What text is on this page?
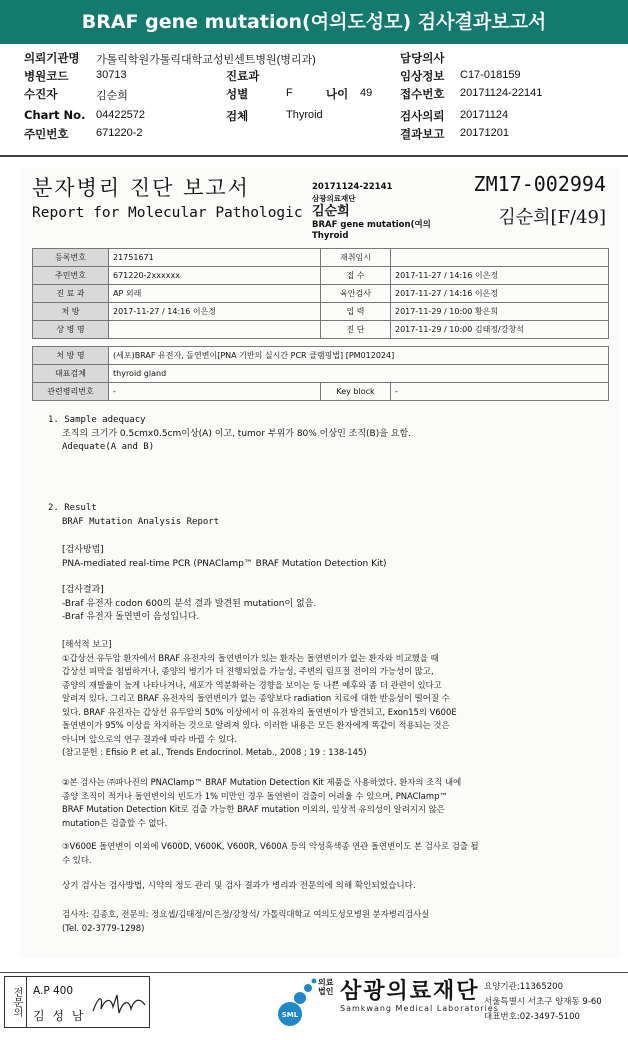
BRAF gene mutation(여의도성모) 검사결과보고서
의뢰기관명 가톨릭학원가톨릭대학교성빈센트병원(병리과)	담당의사
병원코드	30713	진료과	임상정보 C17-018159
수진자	김순희	성별	F	나이 49 접수번호 20171124-22141
Chart No. 04422572	검체	Thyroid	검사의뢰 20171124
주민번호	671220-2	결과보고 20171201
분자병리 진단 보고서
Report for Molecular Pathologic
20171124-22141
삼광의료재단
김순희
BRAF gene mutation(여의
Thyroid
ZM17-002994
김순희[F/49]
등록번호	21751671	재취임시	
주민번호	671220-2xxxxxx	접 수	2017-11-27 / 14:16 이은정
진 료 과	AP 외래	육안검사	2017-11-27 / 14:16 이은정
처 방	2017-11-27 / 14:16 이은정	입 력	2017-11-29 / 10:00 황은희
상 병 명		진 단	2017-11-29 / 10:00 김태정/강창석
처 방 명	(세포)BRAF 유전자, 돌연변이[PNA 기반의 실시간 PCR 클램핑법] [PM012024]		
대표검체	thyroid gland		
관련병리번호	-	Key block	-
1. Sample adequacy
조직의 크기가 0.5cmx0.5cm이상(A) 이고, tumor 부위가 80% 이상인 조직(B)을 요함.
Adequate(A and B)
2. Result
BRAF Mutation Analysis Report
[검사방법]
PNA-mediated real-time PCR (PNAClamp™ BRAF Mutation Detection Kit)
[검사결과]
-Braf 유전자 codon 600의 분석 결과 발견된 mutation이 없음.
-Braf 유전자 돌연변이 음성입니다.
[해석적 보고]
①갑상선 유두암 환자에서 BRAF 유전자의 돌연변이가 있는 환자는 돌연변이가 없는 환자와 비교했을 때
갑상선 피막을 침범하거나, 종양의 병기가 더 진행되었을 가능성, 주변의 림프절 전이의 가능성이 많고,
종양의 재발율이 높게 나타나거나, 세포가 역분화하는 경향을 보이는 등 나쁜 예후와 좀 더 관련이 있다고
알려져 있다. 그리고 BRAF 유전자의 돌연변이가 없는 종양보다 radiation 치료에 대한 반응성이 떨어질 수
있다. BRAF 유전자는 갑상선 유두암의 50% 이상에서 이 유전자의 돌연변이가 발견되고, Exon15의 V600E
돌연변이가 95% 이상을 차지하는 것으로 알려져 있다. 이러한 내용은 모든 환자에게 똑같이 적용되는 것은
아니며 앞으로의 연구 결과에 따라 바뀔 수 있다.
(참고문헌 : Efisio P. et al., Trends Endocrinol. Metab., 2008 ; 19 : 138-145)
②본 검사는 ㈜파나진의 PNAClamp™ BRAF Mutation Detection Kit 제품을 사용하였다. 환자의 조직 내에
종양 조직이 적거나 돌연변이의 빈도가 1% 미만인 경우 돌연변이 검출이 어려울 수 있으며, PNAClamp™
BRAF Mutation Detection Kit로 검출 가능한 BRAF mutation 이외의, 임상적 유의성이 알려지지 않은
mutation은 검출할 수 없다.
③V600E 돌연변이 이외에 V600D, V600K, V600R, V600A 등의 악성흑색종 연관 돌연변이도 본 검사로 검출 될
수 있다.
상기 검사는 검사방법, 시약의 정도 관리 및 검사 결과가 병리과 전문의에 의해 확인되었습니다.
검사자: 김종호, 전문의: 정요셉/김태정/이은정/강창석/ 가톨릭대학교 여의도성모병원 분자병리검사실
(Tel. 02-3779-1298)
전문의	A.P 400
김 성 남	SML
의료법인 삼광의료재단
Samkwang Medical Laboratories
요양기관:11365200
서울특별시 서초구 양재동 9-60
대표번호:02-3497-5100
